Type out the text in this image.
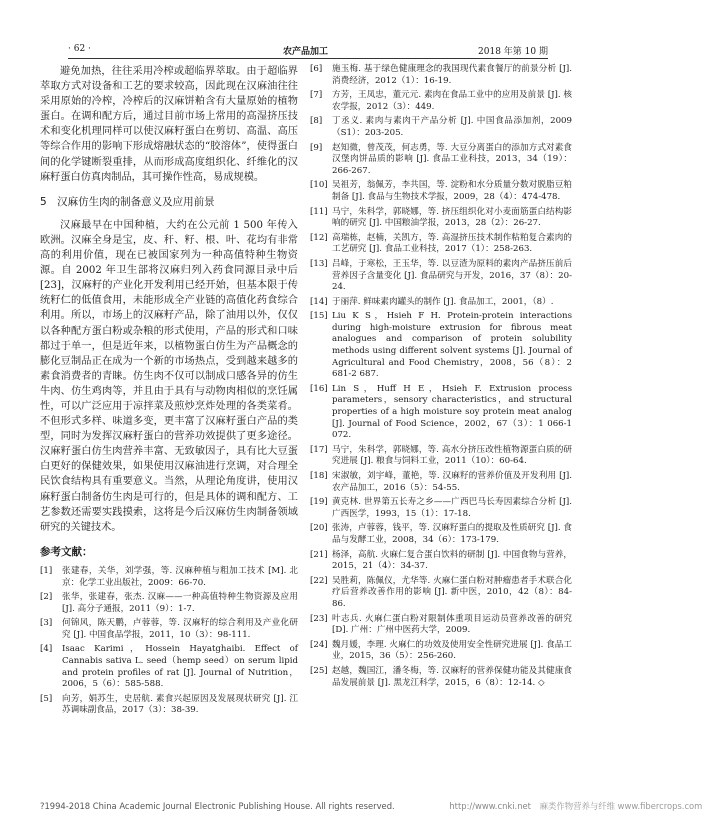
· 62 ·	农产品加工	2018 年第 10 期

避免加热，往往采用冷榨或超临界萃取。由于超临界萃取方式对设备和工艺的要求较高，因此现在汉麻油往往采用原始的冷榨，冷榨后的汉麻饼粕含有大量原始的植物蛋白。在调和配方后，通过目前市场上常用的高湿挤压技术和变化机理同样可以使汉麻籽蛋白在剪切、高温、高压等综合作用的影响下形成熔融状态的“胶溶体”，使得蛋白间的化学键断裂重排，从而形成高度组织化、纤维化的汉麻籽蛋白仿真肉制品，其可操作性高，易成规模。

5　汉麻仿生肉的制备意义及应用前景

汉麻最早在中国种植，大约在公元前 1 500 年传入欧洲。汉麻全身是宝，皮、秆、籽、根、叶、花均有非常高的利用价值，现在已被国家列为一种高值特种生物资源。自 2002 年卫生部将汉麻归列入药食同源目录中后[23]，汉麻籽的产业化开发利用已经开始，但基本限于传统籽仁的低值食用，未能形成全产业链的高值化药食综合利用。所以，市场上的汉麻籽产品，除了油用以外，仅仅以各种配方蛋白粉或杂粮的形式使用，产品的形式和口味都过于单一，但是近年来，以植物蛋白仿生为产品概念的膨化豆制品正在成为一个新的市场热点，受到越来越多的素食消费者的青睐。仿生肉不仅可以制成口感各异的仿生牛肉、仿生鸡肉等，并且由于具有与动物肉相似的烹饪属性，可以广泛应用于凉拌菜及煎炒烹炸处理的各类菜肴。不但形式多样、味道多变，更丰富了汉麻籽蛋白产品的类型，同时为发挥汉麻籽蛋白的营养功效提供了更多途径。汉麻籽蛋白仿生肉营养丰富、无致敏因子，具有比大豆蛋白更好的保健效果，如果使用汉麻油进行烹调，对合理全民饮食结构具有重要意义。当然，从理论角度讲，使用汉麻籽蛋白制备仿生肉是可行的，但是具体的调和配方、工艺参数还需要实践摸索，这将是今后汉麻仿生肉制备领域研究的关键技术。

参考文献：
[1]	张建春，关华，刘学强，等. 汉麻种植与粗加工技术 [M]. 北京：化学工业出版社，2009：66-70.
[2]	张华，张建春，张杰. 汉麻——一种高值特种生物资源及应用 [J]. 高分子通报，2011（9）：1-7.
[3]	何锦风，陈天鹏，卢蓉蓉，等. 汉麻籽的综合利用及产业化研究 [J]. 中国食品学报，2011，10（3）：98-111.
[4]	Isaac Karimi，Hossein Hayatghaibi. Effect of Cannabis sativa L. seed（hemp seed）on serum lipid and protein profiles of rat [J]. Journal of Nutrition，2006，5（6）：585-588.
[5]	向芳，娟苏生，史居航. 素食兴起原因及发展现状研究 [J]. 江苏调味副食品，2017（3）：38-39.
[6]	施玉梅. 基于绿色健康理念的我国现代素食餐厅的前景分析 [J]. 消费经济，2012（1）：16-19.
[7]	方芳，王凤忠，董元元. 素肉在食品工业中的应用及前景 [J]. 核农学报，2012（3）：449.
[8]	丁丞义. 素肉与素肉干产品分析 [J]. 中国食品添加剂，2009（S1）：203-205.
[9]	赵知微，曾茂茂，何志勇，等. 大豆分离蛋白的添加方式对素食汉堡肉饼品质的影响 [J]. 食品工业科技，2013，34（19）：266-267.
[10] 吴祖芳，翁佩芳，李共国，等. 淀粉和水分质量分数对脱脂豆粕制备 [J]. 食品与生物技术学报，2009，28（4）：474-478.
[11] 马宁，朱科学，郭晓娜，等. 挤压组织化对小麦面筋蛋白结构影响的研究 [J]. 中国粮油学报，2013，28（2）：26-27.
[12] 高瑞栋，赵楠，关凯方，等. 高湿挤压技术制作粘粕复合素肉的工艺研究 [J]. 食品工业科技，2017（1）：258-263.
[13] 吕峰，于寒松，王玉华，等. 以豆渣为原料的素肉产品挤压前后营养因子含量变化 [J]. 食品研究与开发，2016，37（8）：20-24.
[14] 于丽萍. 鲜味素肉罐头的制作 [J]. 食品加工，2001，（8）.
[15] Liu K S，Hsieh F H. Protein-protein interactions during high-moisture extrusion for fibrous meat analogues and comparison of protein solubility methods using different solvent systems [J]. Journal of Agricultural and Food Chemistry，2008，56（8）：2 681-2 687.
[16] Lin S，Huff H E，Hsieh F. Extrusion process parameters，sensory characteristics，and structural properties of a high moisture soy protein meat analog [J]. Journal of Food Science，2002，67（3）：1 066-1 072.
[17] 马宁，朱科学，郭晓娜，等. 高水分挤压改性植物源蛋白质的研究进展 [J]. 粮食与饲料工业，2011（10）：60-64.
[18] 宋淑敏，刘宇峰，董艳，等. 汉麻籽的营养价值及开发利用 [J]. 农产品加工，2016（5）：54-55.
[19] 黄克林. 世界第五长寿之乡——广西巴马长寿因素综合分析 [J]. 广西医学，1993，15（1）：17-18.
[20] 张涛，卢蓉蓉，钱平，等. 汉麻籽蛋白的提取及性质研究 [J]. 食品与发酵工业，2008，34（6）：173-179.
[21] 杨泽，高航. 火麻仁复合蛋白饮料的研制 [J]. 中国食物与营养，2015，21（4）：34-37.
[22] 吴胜莉，陈佩仪，尤华等. 火麻仁蛋白粉对肿瘤患者手术联合化疗后营养改善作用的影响 [J]. 新中医，2010，42（8）：84-86.
[23] 叶志兵. 火麻仁蛋白粉对限制体重项目运动员营养改善的研究 [D]. 广州：广州中医药大学，2009.
[24] 魏月媛，李理. 火麻仁的功效及使用安全性研究进展 [J]. 食品工业，2015，36（5）：256-260.
[25] 赵越，魏国江，潘冬梅，等. 汉麻籽的营养保健功能及其健康食品发展前景 [J]. 黑龙江科学，2015，6（8）：12-14. ◇
?1994-2018 China Academic Journal Electronic Publishing House. All rights reserved.	http://www.cnki.net 麻类作物营养与纤维 www.fibercrops.com
